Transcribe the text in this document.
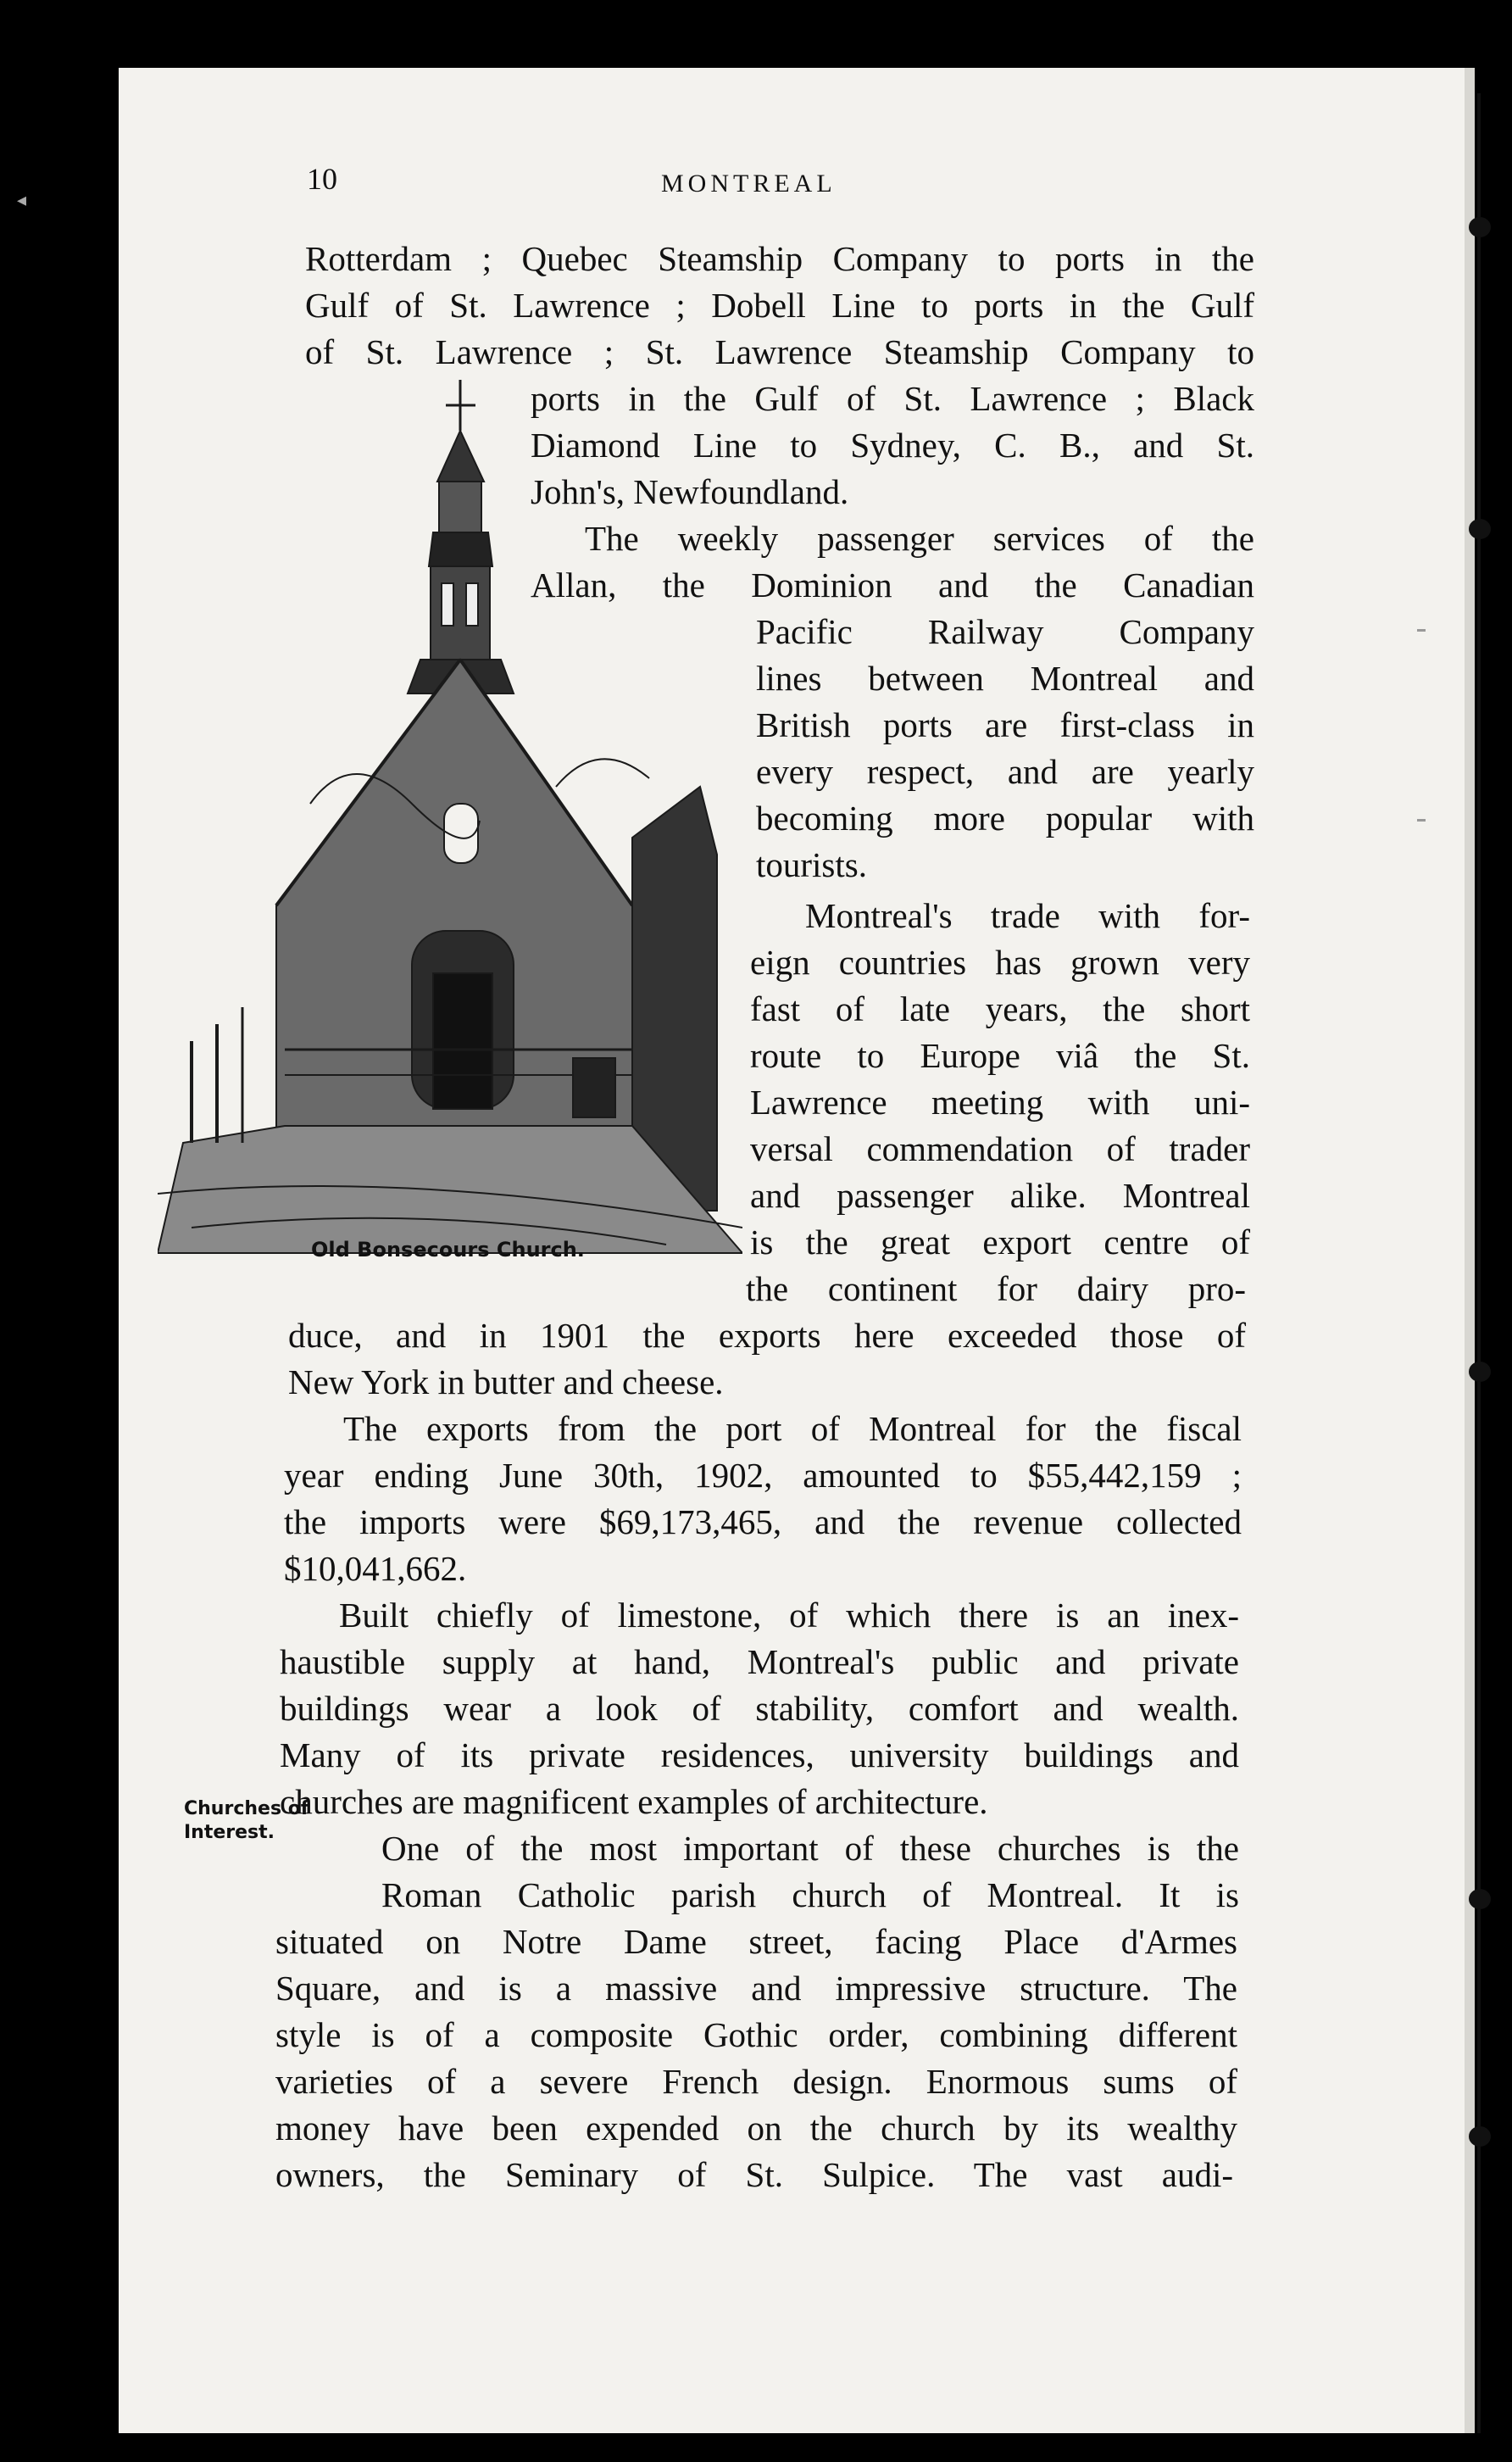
◂
10	MONTREAL
Rotterdam ; Quebec Steamship Company to ports in the
Gulf of St. Lawrence ; Dobell Line to ports in the Gulf
of St. Lawrence ; St. Lawrence Steamship Company to
ports in the Gulf of St. Lawrence ; Black
Diamond Line to Sydney, C. B., and St.
John's, Newfoundland.
The weekly passenger services of the
Allan, the Dominion and the Canadian
Pacific Railway Company
lines between Montreal and
British ports are first-class in
every respect, and are yearly
becoming more popular with
tourists.
Montreal's trade with for-
eign countries has grown very
fast of late years, the short
route to Europe viâ the St.
Lawrence meeting with uni-
versal commendation of trader
and passenger alike. Montreal
is the great export centre of
the continent for dairy pro-
duce, and in 1901 the exports here exceeded those of
New York in butter and cheese.
The exports from the port of Montreal for the fiscal
year ending June 30th, 1902, amounted to $55,442,159 ;
the imports were $69,173,465, and the revenue collected
$10,041,662.
Built chiefly of limestone, of which there is an inex-
haustible supply at hand, Montreal's public and private
buildings wear a look of stability, comfort and wealth.
Many of its private residences, university buildings and
churches are magnificent examples of architecture.
One of the most important of these churches is the
Roman Catholic parish church of Montreal. It is
situated on Notre Dame street, facing Place d'Armes
Square, and is a massive and impressive structure. The
style is of a composite Gothic order, combining different
varieties of a severe French design. Enormous sums of
money have been expended on the church by its wealthy
owners, the Seminary of St. Sulpice. The vast audi-
Old Bonsecours Church.
Churches of
Interest.
